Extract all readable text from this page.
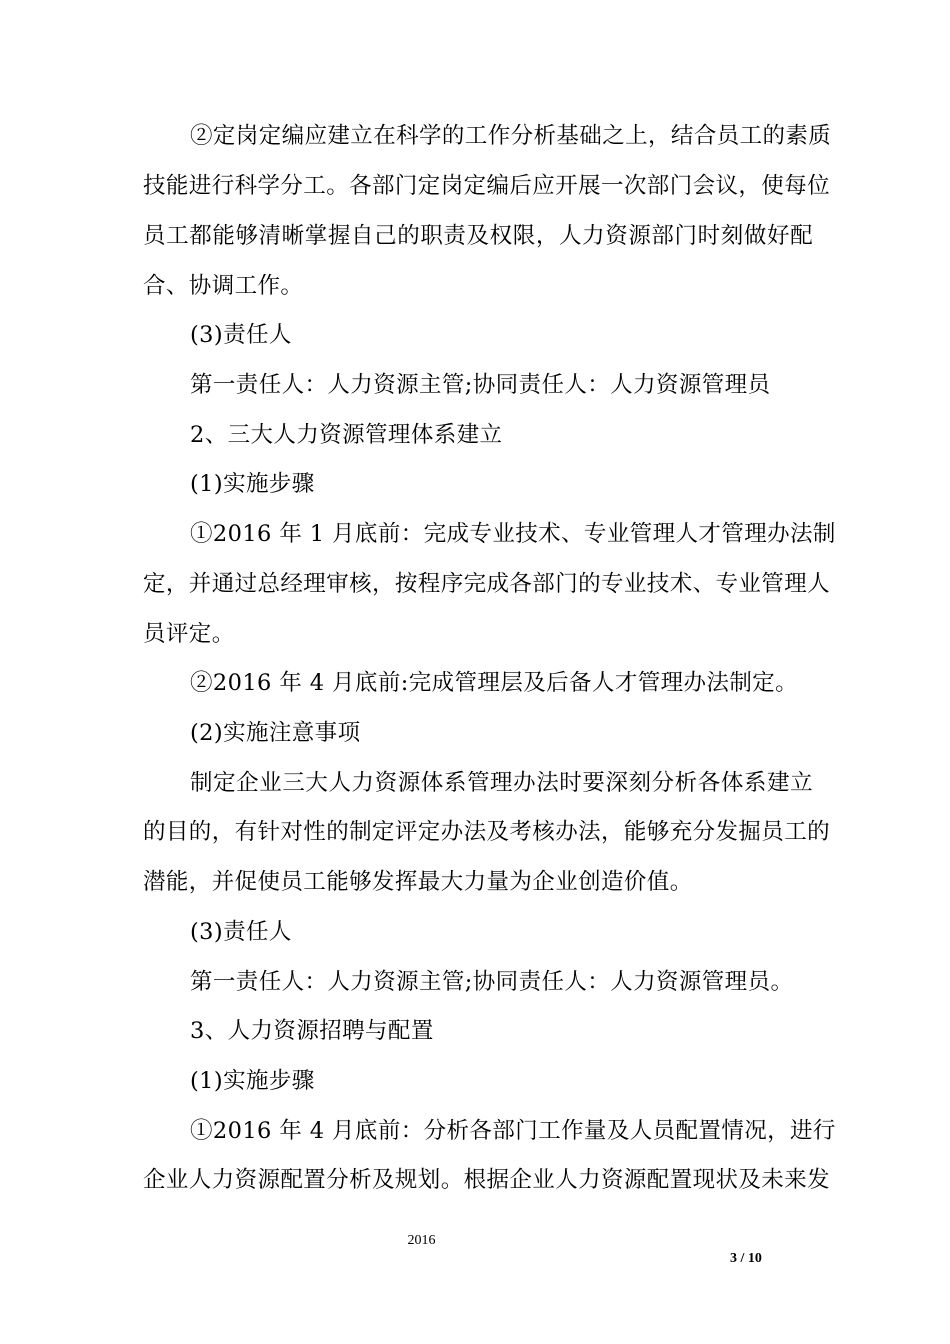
②定岗定编应建立在科学的工作分析基础之上，结合员工的素质
技能进行科学分工。各部门定岗定编后应开展一次部门会议，使每位
员工都能够清晰掌握自己的职责及权限，人力资源部门时刻做好配
合、协调工作。
(3)责任人
第一责任人：人力资源主管;协同责任人：人力资源管理员
2、三大人力资源管理体系建立
(1)实施步骤
①2016 年 1 月底前：完成专业技术、专业管理人才管理办法制
定，并通过总经理审核，按程序完成各部门的专业技术、专业管理人
员评定。
②2016 年 4 月底前:完成管理层及后备人才管理办法制定。
(2)实施注意事项
制定企业三大人力资源体系管理办法时要深刻分析各体系建立
的目的，有针对性的制定评定办法及考核办法，能够充分发掘员工的
潜能，并促使员工能够发挥最大力量为企业创造价值。
(3)责任人
第一责任人：人力资源主管;协同责任人：人力资源管理员。
3、人力资源招聘与配置
(1)实施步骤
①2016 年 4 月底前：分析各部门工作量及人员配置情况，进行
企业人力资源配置分析及规划。根据企业人力资源配置现状及未来发
2016
3 / 10
